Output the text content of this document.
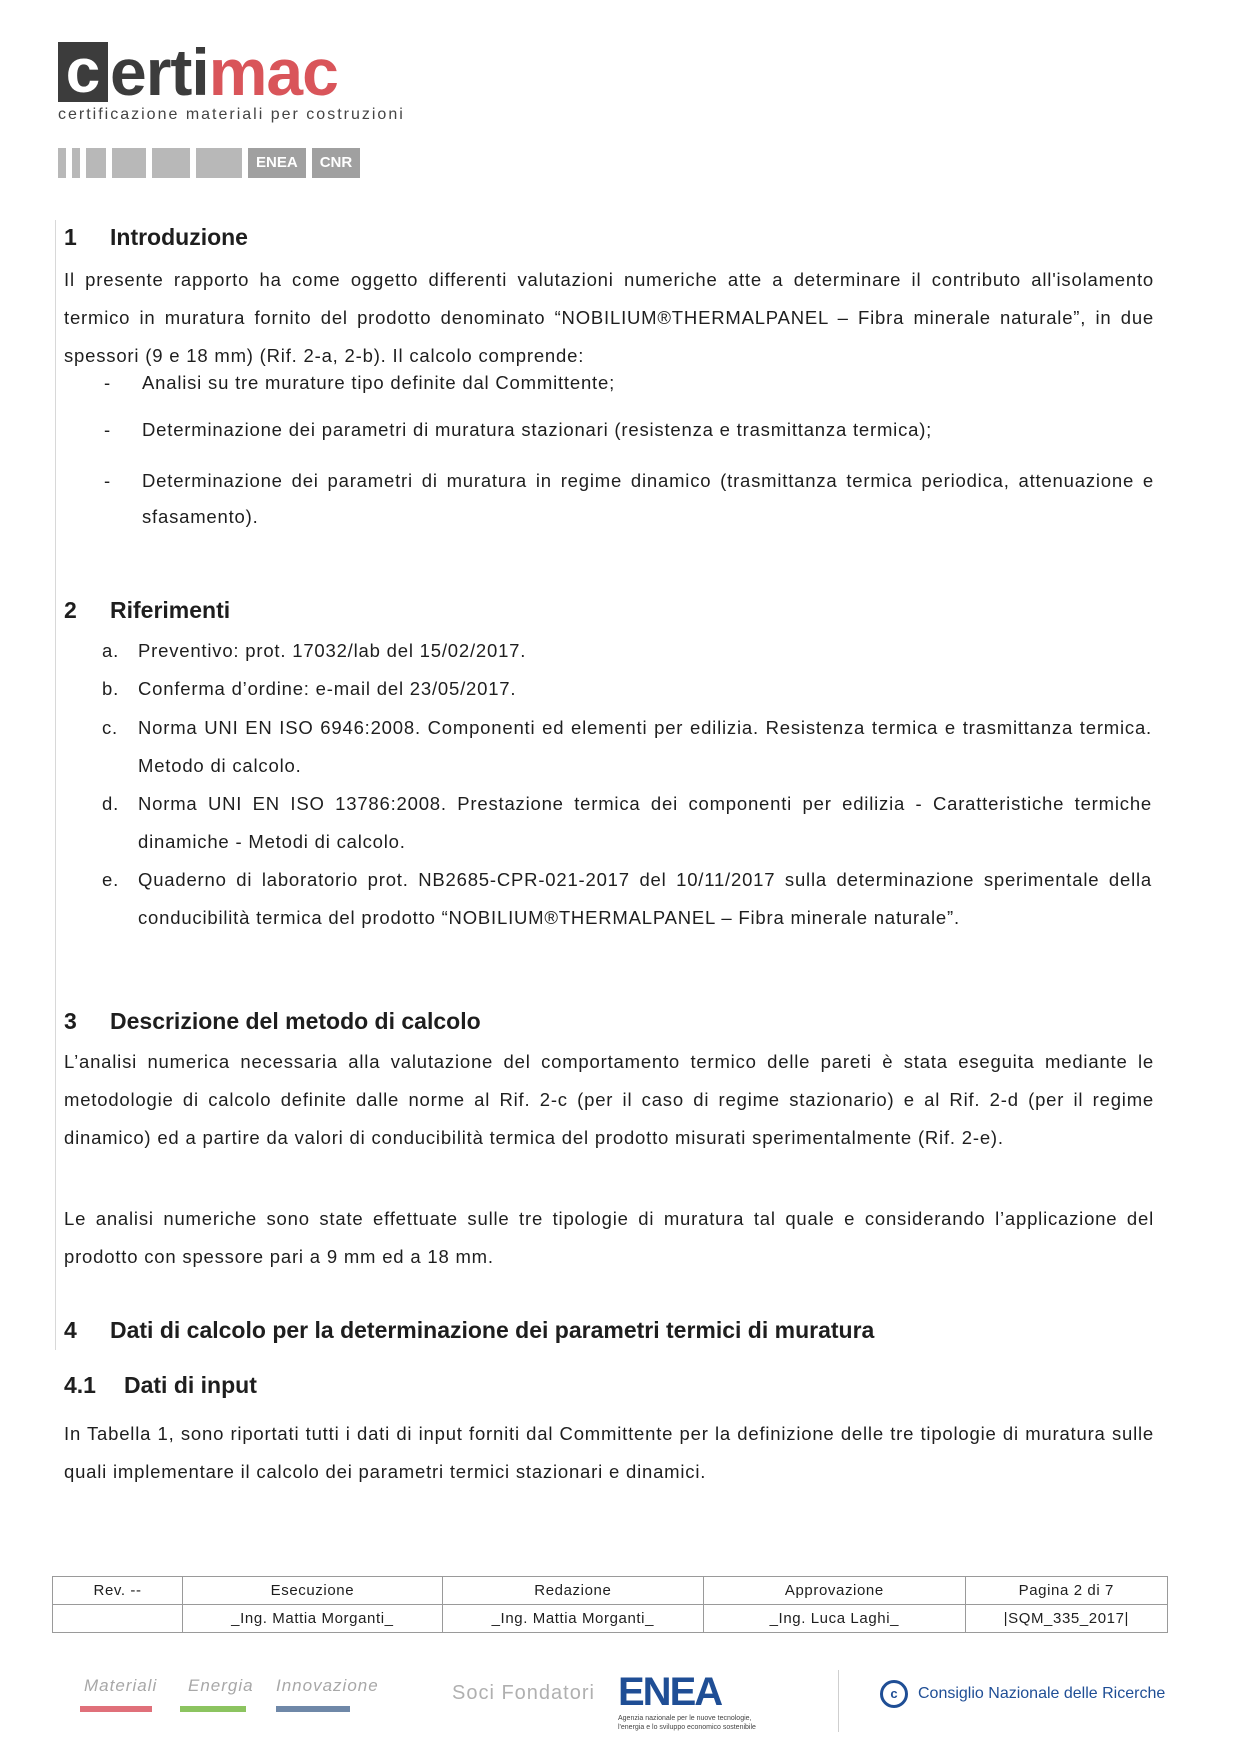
c erti mac
certificazione materiali per costruzioni
ENEA	CNR
1 Introduzione
Il presente rapporto ha come oggetto differenti valutazioni numeriche atte a determinare il contributo all'isolamento termico in muratura fornito del prodotto denominato “NOBILIUM®THERMALPANEL – Fibra minerale naturale”, in due spessori (9 e 18 mm) (Rif. 2-a, 2-b). Il calcolo comprende:
- Analisi su tre murature tipo definite dal Committente;
- Determinazione dei parametri di muratura stazionari (resistenza e trasmittanza termica);
- Determinazione dei parametri di muratura in regime dinamico (trasmittanza termica periodica, attenuazione e sfasamento).
2 Riferimenti
a. Preventivo: prot. 17032/lab del 15/02/2017.
b. Conferma d’ordine: e-mail del 23/05/2017.
c. Norma UNI EN ISO 6946:2008. Componenti ed elementi per edilizia. Resistenza termica e trasmittanza termica. Metodo di calcolo.
d. Norma UNI EN ISO 13786:2008. Prestazione termica dei componenti per edilizia - Caratteristiche termiche dinamiche - Metodi di calcolo.
e. Quaderno di laboratorio prot. NB2685-CPR-021-2017 del 10/11/2017 sulla determinazione sperimentale della conducibilità termica del prodotto “NOBILIUM®THERMALPANEL – Fibra minerale naturale”.
3 Descrizione del metodo di calcolo
L’analisi numerica necessaria alla valutazione del comportamento termico delle pareti è stata eseguita mediante le metodologie di calcolo definite dalle norme al Rif. 2-c (per il caso di regime stazionario) e al Rif. 2-d (per il regime dinamico) ed a partire da valori di conducibilità termica del prodotto misurati sperimentalmente (Rif. 2-e).
Le analisi numeriche sono state effettuate sulle tre tipologie di muratura tal quale e considerando l’applicazione del prodotto con spessore pari a 9 mm ed a 18 mm.
4 Dati di calcolo per la determinazione dei parametri termici di muratura
4.1 Dati di input
In Tabella 1, sono riportati tutti i dati di input forniti dal Committente per la definizione delle tre tipologie di muratura sulle quali implementare il calcolo dei parametri termici stazionari e dinamici.
Rev. --	Esecuzione	Redazione	Approvazione	Pagina 2 di 7
	_Ing. Mattia Morganti_	_Ing. Mattia Morganti_	_Ing. Luca Laghi_	|SQM_335_2017|
Materiali Energia Innovazione	Soci Fondatori ENEA
Agenzia nazionale per le nuove tecnologie,
l'energia e lo sviluppo economico sostenibile
c	Consiglio Nazionale delle Ricerche
